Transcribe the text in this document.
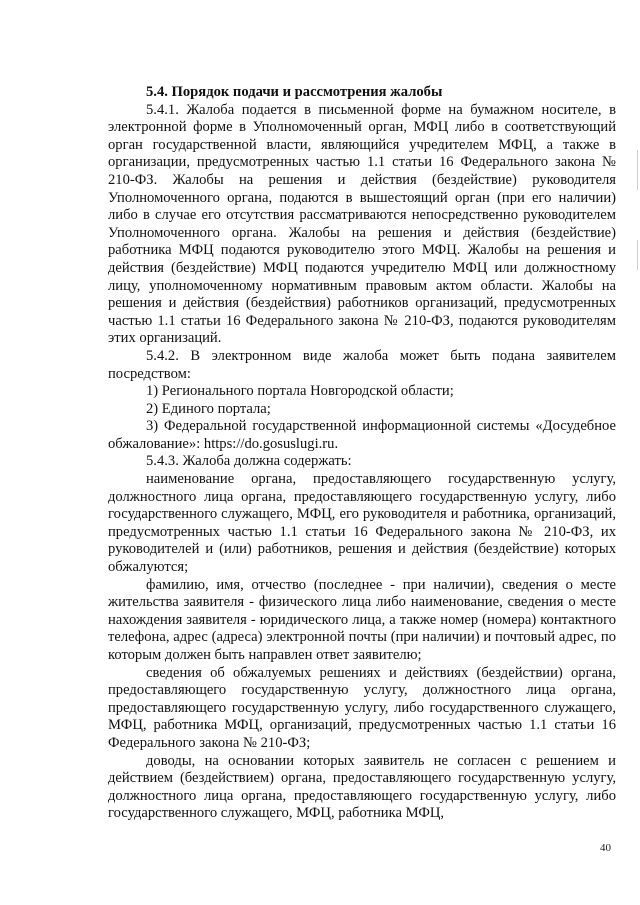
5.4. Порядок подачи и рассмотрения жалобы

5.4.1. Жалоба подается в письменной форме на бумажном носителе, в электронной форме в Уполномоченный орган, МФЦ либо в соответствующий орган государственной власти, являющийся учредителем МФЦ, а также в организации, предусмотренных частью 1.1 статьи 16 Федерального закона № 210-ФЗ. Жалобы на решения и действия (бездействие) руководителя Уполномоченного органа, подаются в вышестоящий орган (при его наличии) либо в случае его отсутствия рассматриваются непосредственно руководителем Уполномоченного органа. Жалобы на решения и действия (бездействие) работника МФЦ подаются руководителю этого МФЦ. Жалобы на решения и действия (бездействие) МФЦ подаются учредителю МФЦ или должностному лицу, уполномоченному нормативным правовым актом области. Жалобы на решения и действия (бездействия) работников организаций, предусмотренных частью 1.1 статьи 16 Федерального закона № 210-ФЗ, подаются руководителям этих организаций.

5.4.2. В электронном виде жалоба может быть подана заявителем посредством:

1) Регионального портала Новгородской области;

2) Единого портала;

3) Федеральной государственной информационной системы «Досудебное обжалование»: https://do.gosuslugi.ru.

5.4.3. Жалоба должна содержать:

наименование органа, предоставляющего государственную услугу, должностного лица органа, предоставляющего государственную услугу, либо государственного служащего, МФЦ, его руководителя и работника, организаций, предусмотренных частью 1.1 статьи 16 Федерального закона № 210-ФЗ, их руководителей и (или) работников, решения и действия (бездействие) которых обжалуются;

фамилию, имя, отчество (последнее - при наличии), сведения о месте жительства заявителя - физического лица либо наименование, сведения о месте нахождения заявителя - юридического лица, а также номер (номера) контактного телефона, адрес (адреса) электронной почты (при наличии) и почтовый адрес, по которым должен быть направлен ответ заявителю;

сведения об обжалуемых решениях и действиях (бездействии) органа, предоставляющего государственную услугу, должностного лица органа, предоставляющего государственную услугу, либо государственного служащего, МФЦ, работника МФЦ, организаций, предусмотренных частью 1.1 статьи 16 Федерального закона № 210-ФЗ;

доводы, на основании которых заявитель не согласен с решением и действием (бездействием) органа, предоставляющего государственную услугу, должностного лица органа, предоставляющего государственную услугу, либо государственного служащего, МФЦ, работника МФЦ,

40
